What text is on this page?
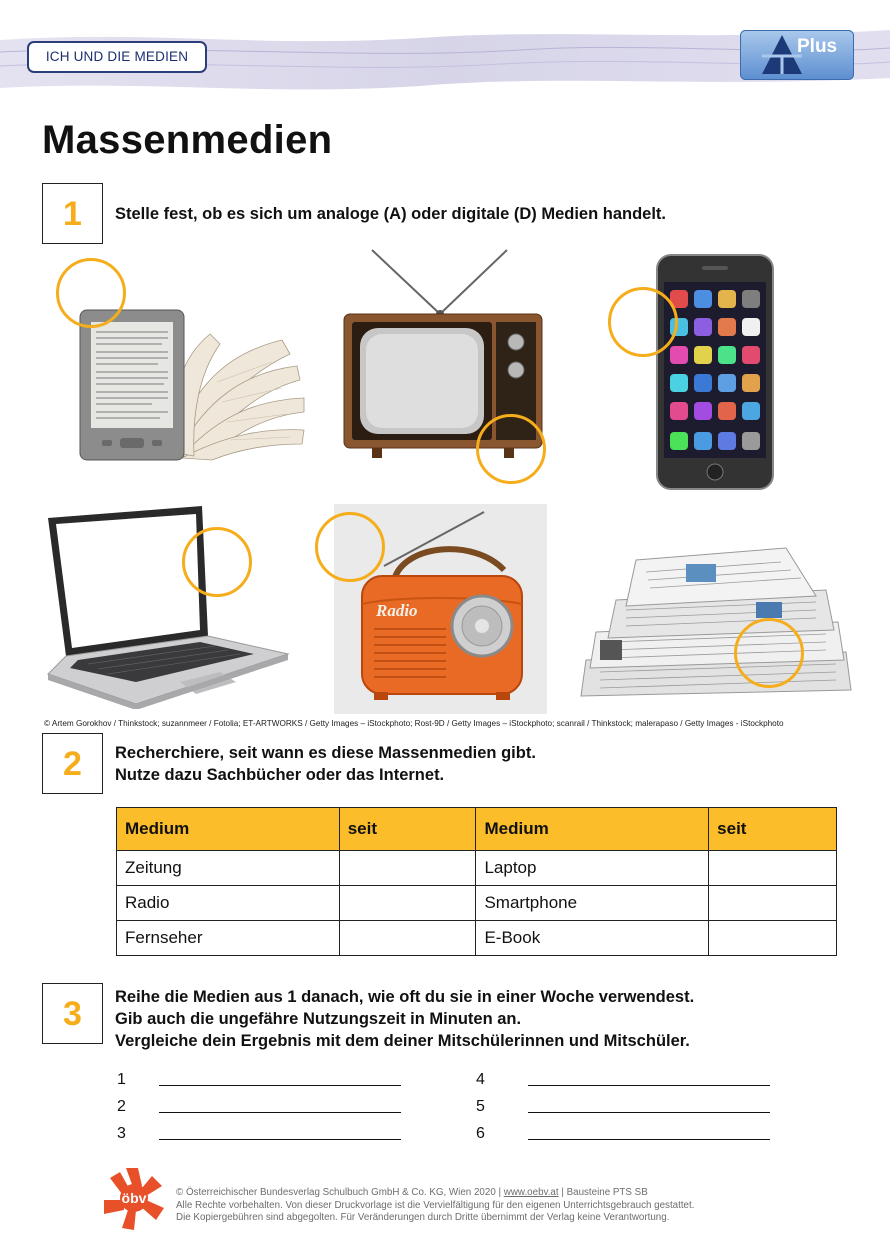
ICH UND DIE MEDIEN	Plus
Massenmedien
1	Stelle fest, ob es sich um analoge (A) oder digitale (D) Medien handelt.
Radio
© Artem Gorokhov / Thinkstock; suzannmeer / Fotolia; ET-ARTWORKS / Getty Images – iStockphoto; Rost-9D / Getty Images – iStockphoto; scanrail / Thinkstock; malerapaso / Getty Images - iStockphoto
2	Recherchiere, seit wann es diese Massenmedien gibt.
Nutze dazu Sachbücher oder das Internet.
Medium	seit	Medium	seit
Zeitung		Laptop	
Radio		Smartphone	
Fernseher		E-Book	
3	Reihe die Medien aus 1 danach, wie oft du sie in einer Woche verwendest.
Gib auch die ungefähre Nutzungszeit in Minuten an.
Vergleiche dein Ergebnis mit dem deiner Mitschülerinnen und Mitschüler.
1
2
3
4
5
6
öbv	© Österreichischer Bundesverlag Schulbuch GmbH & Co. KG, Wien 2020 | www.oebv.at | Bausteine PTS SB
Alle Rechte vorbehalten. Von dieser Druckvorlage ist die Vervielfältigung für den eigenen Unterrichtsgebrauch gestattet.
Die Kopiergebühren sind abgegolten. Für Veränderungen durch Dritte übernimmt der Verlag keine Verantwortung.
